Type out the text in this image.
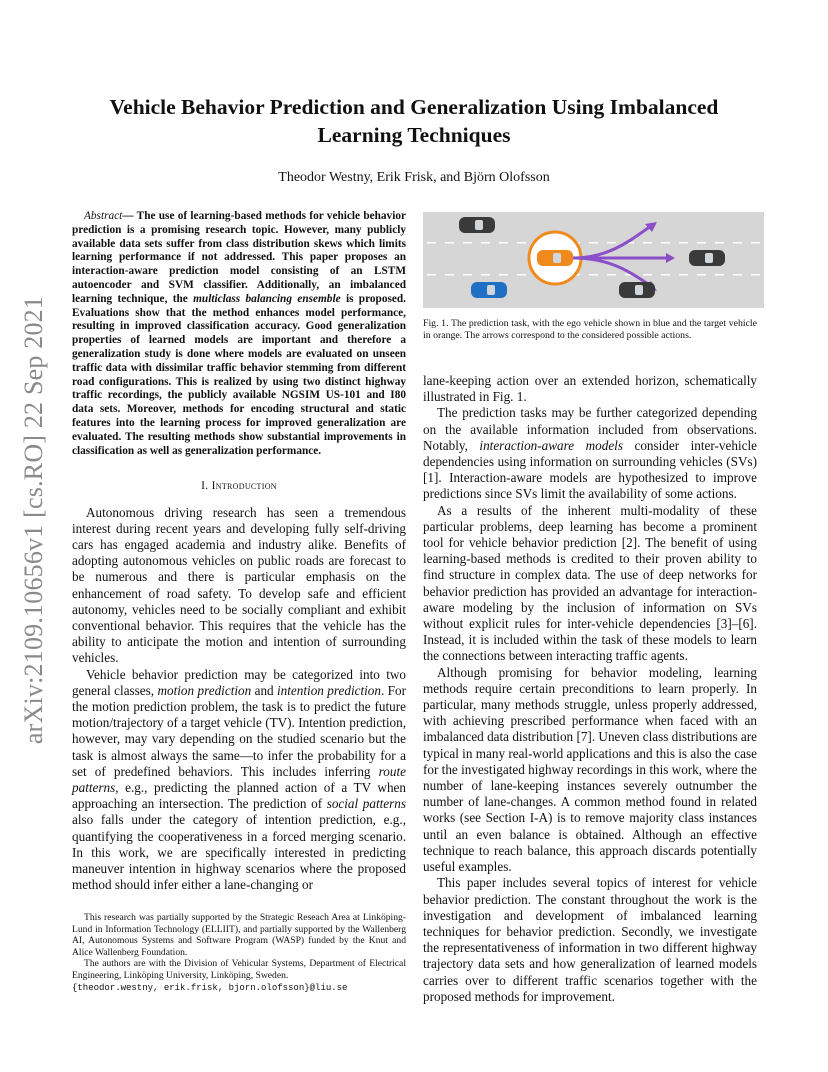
arXiv:2109.10656v1 [cs.RO] 22 Sep 2021
Vehicle Behavior Prediction and Generalization Using Imbalanced Learning Techniques
Theodor Westny, Erik Frisk, and Björn Olofsson

Abstract— The use of learning-based methods for vehicle behavior prediction is a promising research topic. However, many publicly available data sets suffer from class distribution skews which limits learning performance if not addressed. This paper proposes an interaction-aware prediction model consisting of an LSTM autoencoder and SVM classifier. Additionally, an imbalanced learning technique, the multiclass balancing ensemble is proposed. Evaluations show that the method enhances model performance, resulting in improved classification accuracy. Good generalization properties of learned models are important and therefore a generalization study is done where models are evaluated on unseen traffic data with dissimilar traffic behavior stemming from different road configurations. This is realized by using two distinct highway traffic recordings, the publicly available NGSIM US-101 and I80 data sets. Moreover, methods for encoding structural and static features into the learning process for improved generalization are evaluated. The resulting methods show substantial improvements in classification as well as generalization performance.

I. Introduction

Autonomous driving research has seen a tremendous interest during recent years and developing fully self-driving cars has engaged academia and industry alike. Benefits of adopting autonomous vehicles on public roads are forecast to be numerous and there is particular emphasis on the enhancement of road safety. To develop safe and efficient autonomy, vehicles need to be socially compliant and exhibit conventional behavior. This requires that the vehicle has the ability to anticipate the motion and intention of surrounding vehicles.

Vehicle behavior prediction may be categorized into two general classes, motion prediction and intention prediction. For the motion prediction problem, the task is to predict the future motion/trajectory of a target vehicle (TV). Intention prediction, however, may vary depending on the studied scenario but the task is almost always the same—to infer the probability for a set of predefined behaviors. This includes inferring route patterns, e.g., predicting the planned action of a TV when approaching an intersection. The prediction of social patterns also falls under the category of intention prediction, e.g., quantifying the cooperativeness in a forced merging scenario. In this work, we are specifically interested in predicting maneuver intention in highway scenarios where the proposed method should infer either a lane-changing or

This research was partially supported by the Strategic Reseach Area at Linköping-Lund in Information Technology (ELLIIT), and partially supported by the Wallenberg AI, Autonomous Systems and Software Program (WASP) funded by the Knut and Alice Wallenberg Foundation.

The authors are with the Division of Vehicular Systems, Department of Electrical Engineering, Linköping University, Linköping, Sweden.
{theodor.westny, erik.frisk, bjorn.olofsson}@liu.se

Fig. 1. The prediction task, with the ego vehicle shown in blue and the target vehicle in orange. The arrows correspond to the considered possible actions.

lane-keeping action over an extended horizon, schematically illustrated in Fig. 1.

The prediction tasks may be further categorized depending on the available information included from observations. Notably, interaction-aware models consider inter-vehicle dependencies using information on surrounding vehicles (SVs) [1]. Interaction-aware models are hypothesized to improve predictions since SVs limit the availability of some actions.

As a results of the inherent multi-modality of these particular problems, deep learning has become a prominent tool for vehicle behavior prediction [2]. The benefit of using learning-based methods is credited to their proven ability to find structure in complex data. The use of deep networks for behavior prediction has provided an advantage for interaction-aware modeling by the inclusion of information on SVs without explicit rules for inter-vehicle dependencies [3]–[6]. Instead, it is included within the task of these models to learn the connections between interacting traffic agents.

Although promising for behavior modeling, learning methods require certain preconditions to learn properly. In particular, many methods struggle, unless properly addressed, with achieving prescribed performance when faced with an imbalanced data distribution [7]. Uneven class distributions are typical in many real-world applications and this is also the case for the investigated highway recordings in this work, where the number of lane-keeping instances severely outnumber the number of lane-changes. A common method found in related works (see Section I-A) is to remove majority class instances until an even balance is obtained. Although an effective technique to reach balance, this approach discards potentially useful examples.

This paper includes several topics of interest for vehicle behavior prediction. The constant throughout the work is the investigation and development of imbalanced learning techniques for behavior prediction. Secondly, we investigate the representativeness of information in two different highway trajectory data sets and how generalization of learned models carries over to different traffic scenarios together with the proposed methods for improvement.
